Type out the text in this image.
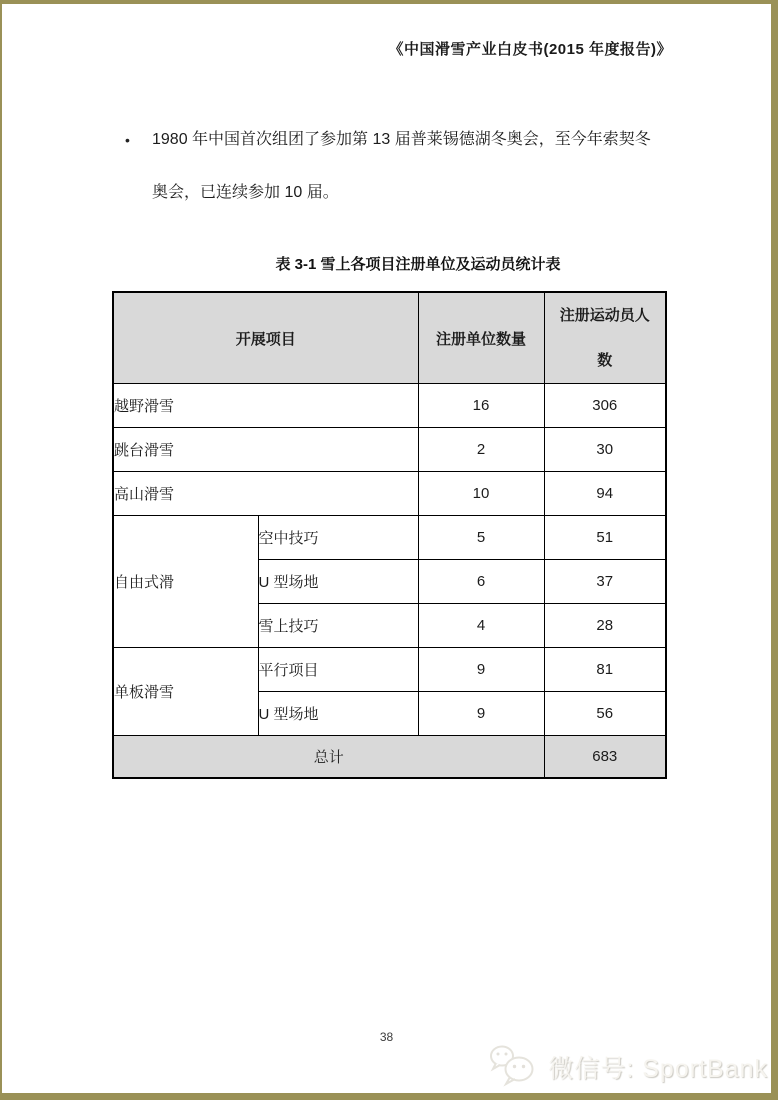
《中国滑雪产业白皮书(2015 年度报告)》
•	1980 年中国首次组团了参加第 13 届普莱锡德湖冬奥会，至今年索契冬
奥会，已连续参加 10 届。
表 3-1 雪上各项目注册单位及运动员统计表
开展项目		注册单位数量	注册运动员人数

越野滑雪		16	306
跳台滑雪		2	30
高山滑雪		10	94
自由式滑	空中技巧	5	51
	U 型场地	6	37
	雪上技巧	4	28
单板滑雪	平行项目	9	81
	U 型场地	9	56
总计			683
38
微信号: SportBank
